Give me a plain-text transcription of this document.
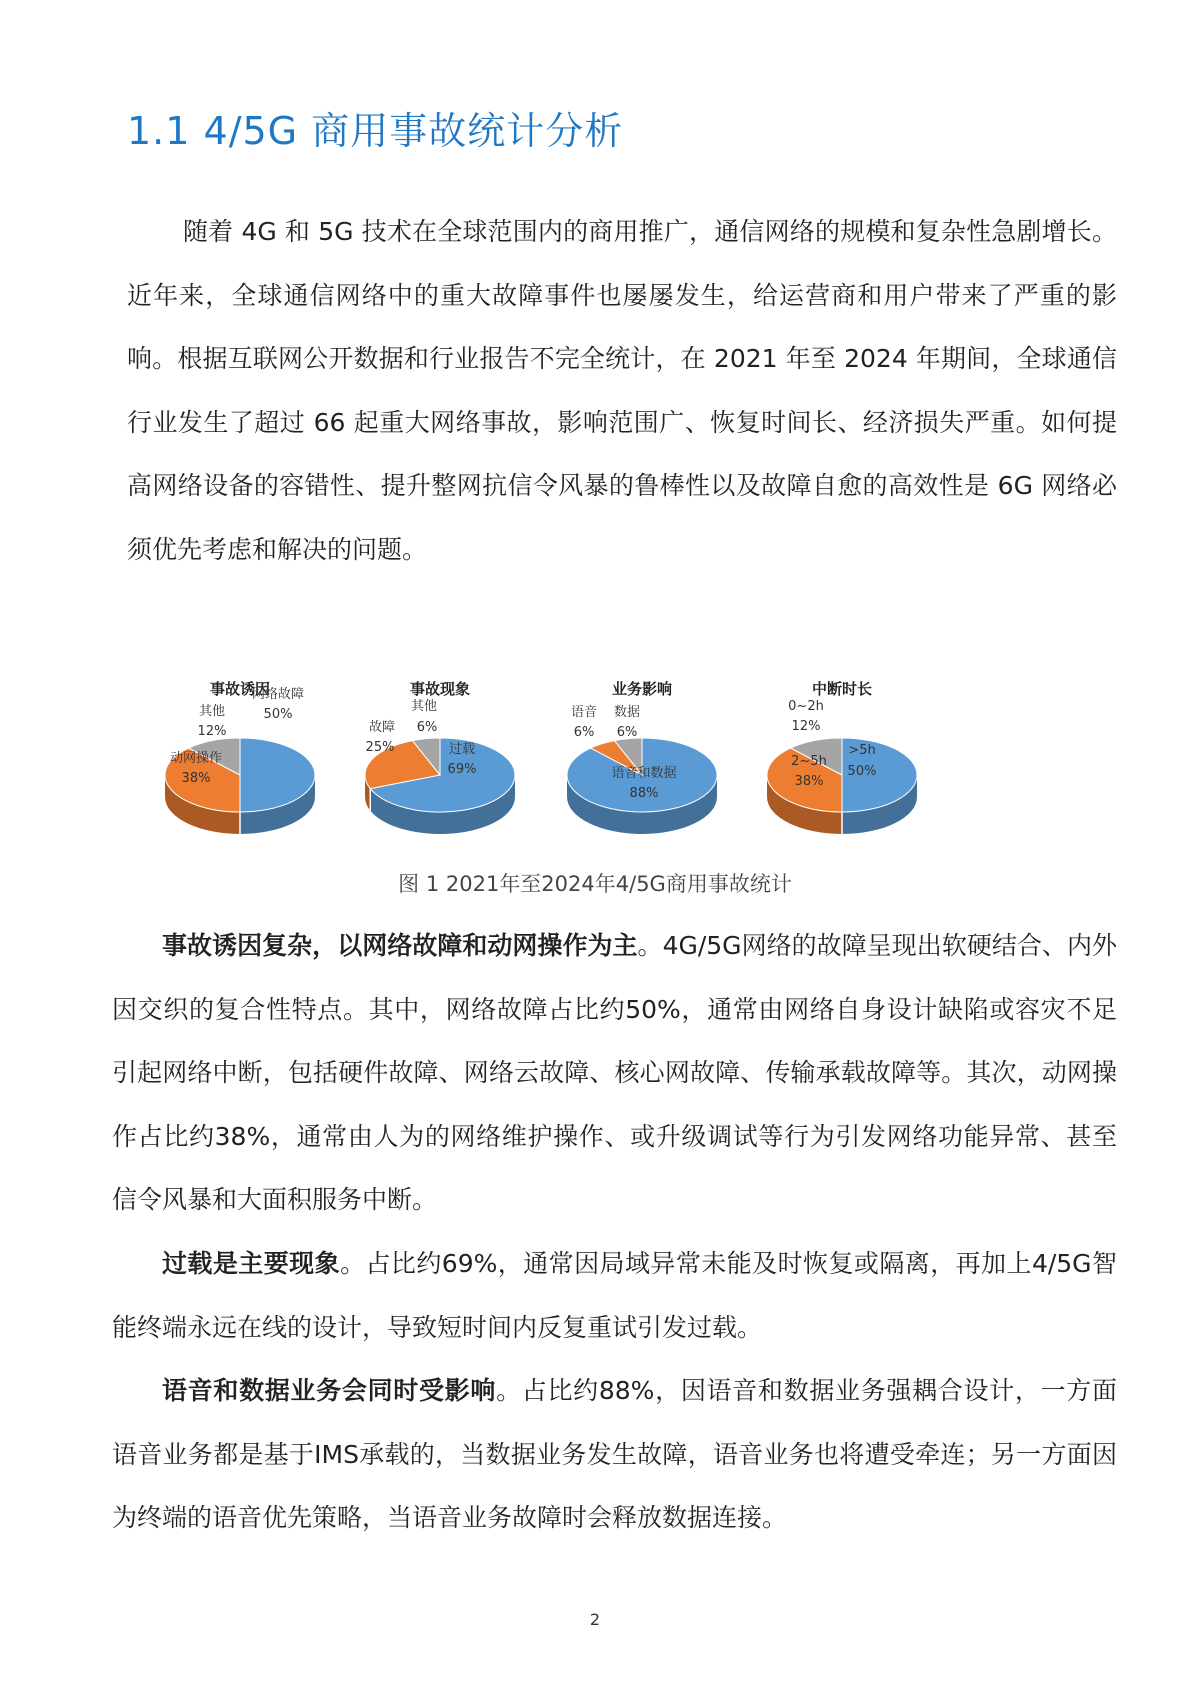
1.1 4/5G 商用事故统计分析

随着 4G 和 5G 技术在全球范围内的商用推广，通信网络的规模和复杂性急剧增长。近年来，全球通信网络中的重大故障事件也屡屡发生，给运营商和用户带来了严重的影响。根据互联网公开数据和行业报告不完全统计，在 2021 年至 2024 年期间，全球通信行业发生了超过 66 起重大网络事故，影响范围广、恢复时间长、经济损失严重。如何提高网络设备的容错性、提升整网抗信令风暴的鲁棒性以及故障自愈的高效性是 6G 网络必须优先考虑和解决的问题。

事故诱因
网络故障
50%
动网操作
38%
其他
12%
事故现象
过载
69%
故障
25%
其他
6%
业务影响
语音和数据
88%
语音
6%
数据
6%
中断时长
>5h
50%
2~5h
38%
0~2h
12%
图 1 2021年至2024年4/5G商用事故统计

事故诱因复杂，以网络故障和动网操作为主。4G/5G网络的故障呈现出软硬结合、内外因交织的复合性特点。其中，网络故障占比约50%，通常由网络自身设计缺陷或容灾不足引起网络中断，包括硬件故障、网络云故障、核心网故障、传输承载故障等。其次，动网操作占比约38%，通常由人为的网络维护操作、或升级调试等行为引发网络功能异常、甚至信令风暴和大面积服务中断。

过载是主要现象。占比约69%，通常因局域异常未能及时恢复或隔离，再加上4/5G智能终端永远在线的设计，导致短时间内反复重试引发过载。

语音和数据业务会同时受影响。占比约88%，因语音和数据业务强耦合设计，一方面语音业务都是基于IMS承载的，当数据业务发生故障，语音业务也将遭受牵连；另一方面因为终端的语音优先策略，当语音业务故障时会释放数据连接。

2
